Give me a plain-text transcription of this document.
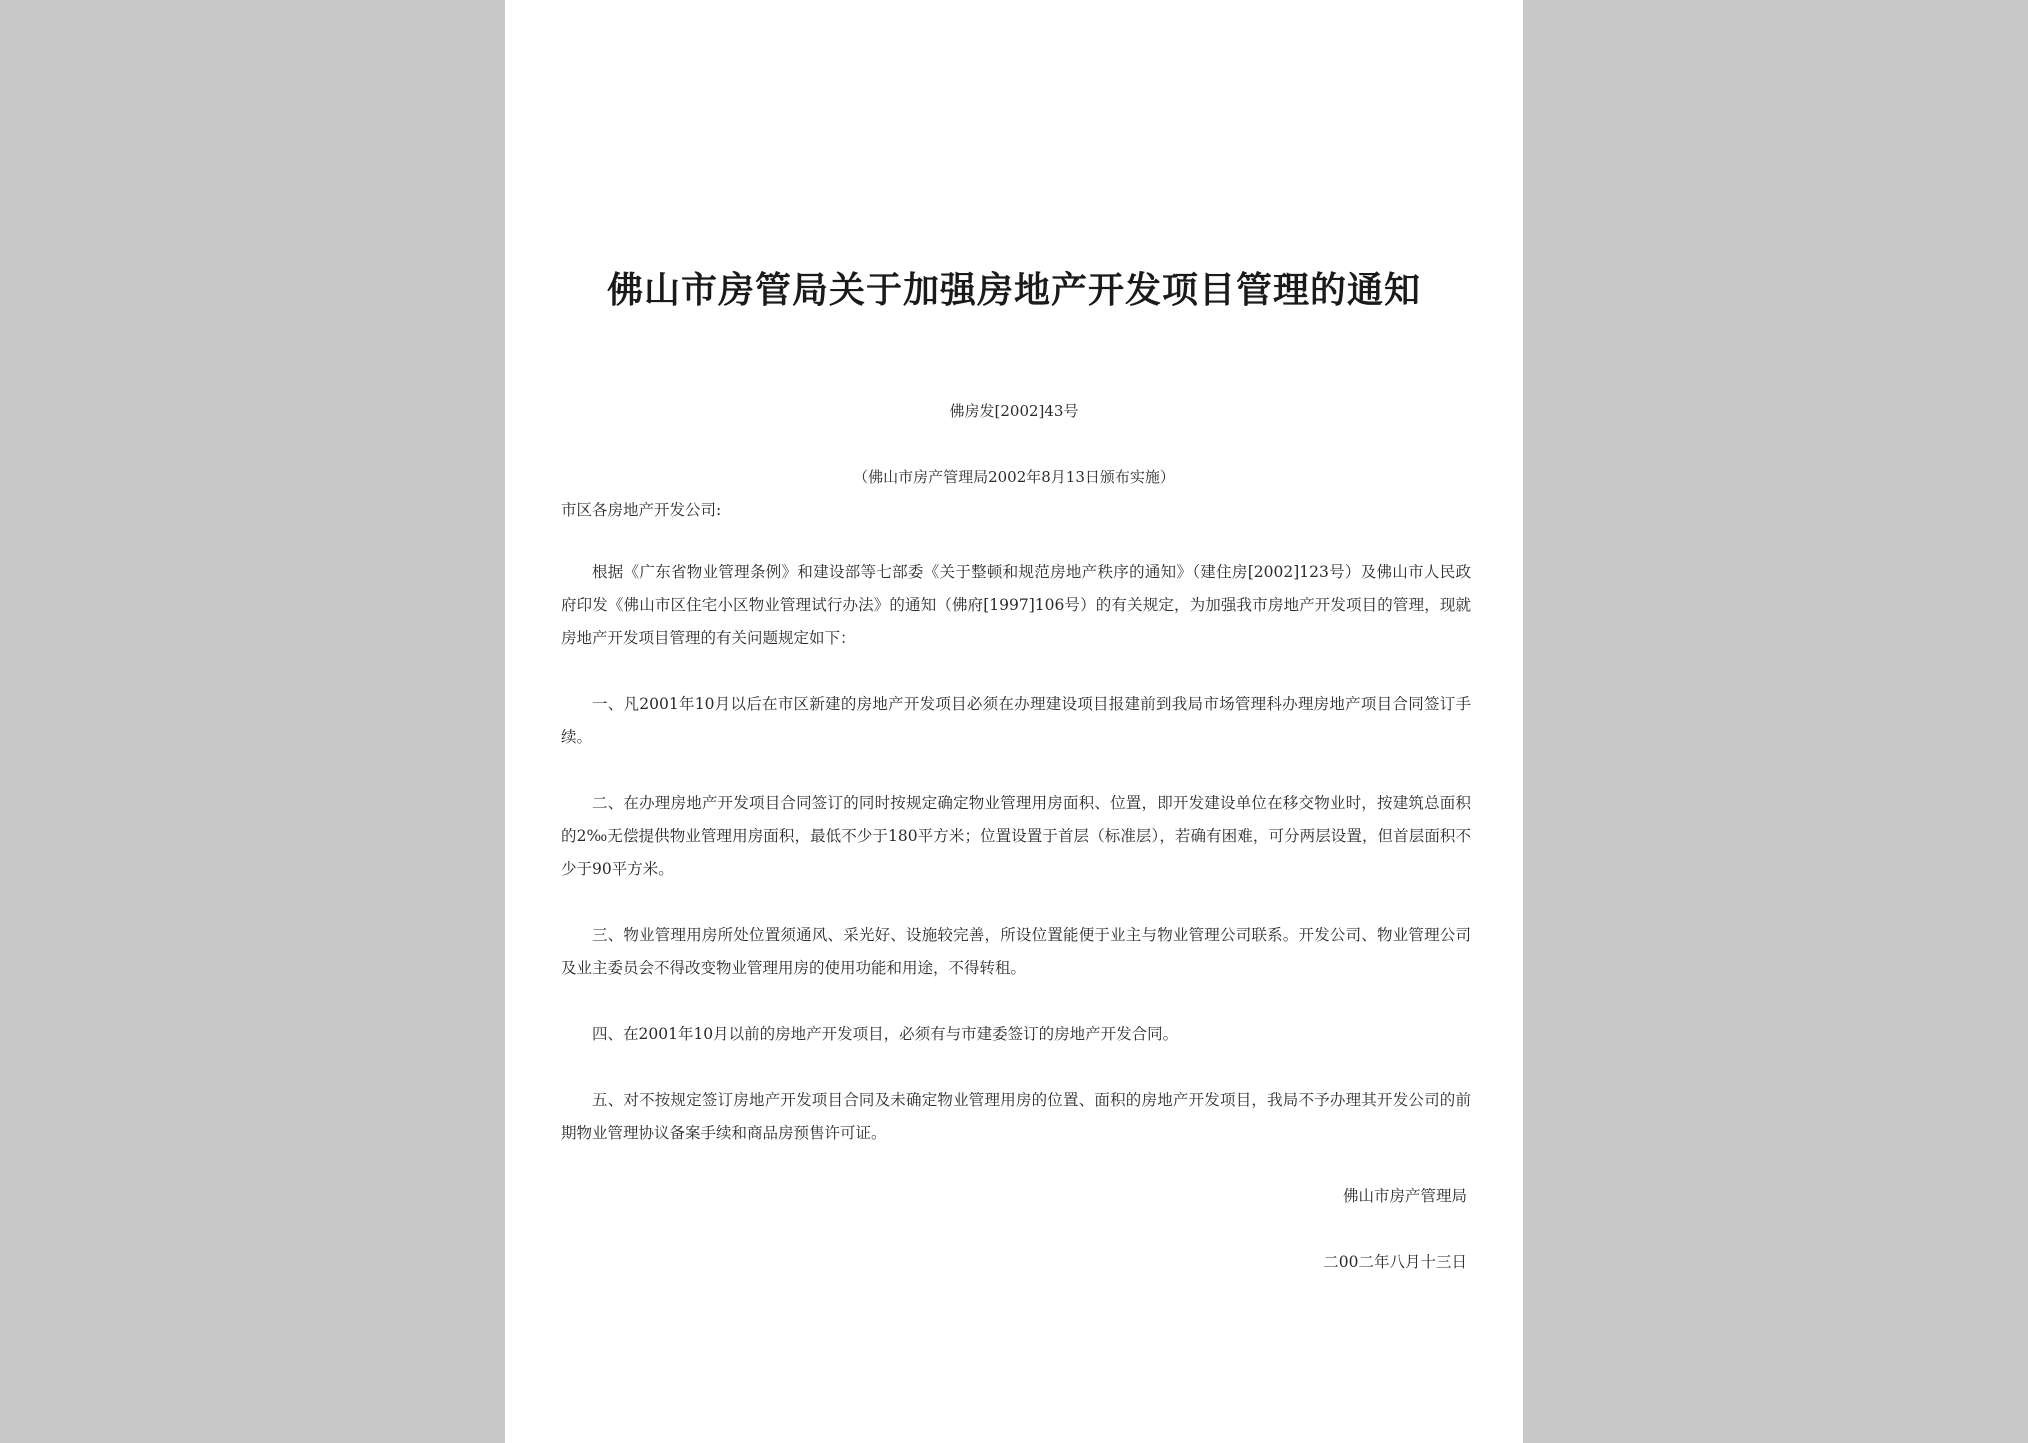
佛山市房管局关于加强房地产开发项目管理的通知
佛房发[2002]43号
（佛山市房产管理局2002年8月13日颁布实施）
市区各房地产开发公司:
根据《广东省物业管理条例》和建设部等七部委《关于整顿和规范房地产秩序的通知》（建住房[2002]123号）及佛山市人民政府印发《佛山市区住宅小区物业管理试行办法》的通知（佛府[1997]106号）的有关规定，为加强我市房地产开发项目的管理，现就房地产开发项目管理的有关问题规定如下：
一、凡2001年10月以后在市区新建的房地产开发项目必须在办理建设项目报建前到我局市场管理科办理房地产项目合同签订手续。
二、在办理房地产开发项目合同签订的同时按规定确定物业管理用房面积、位置，即开发建设单位在移交物业时，按建筑总面积的2‰无偿提供物业管理用房面积，最低不少于180平方米；位置设置于首层（标准层），若确有困难，可分两层设置，但首层面积不少于90平方米。
三、物业管理用房所处位置须通风、采光好、设施较完善，所设位置能便于业主与物业管理公司联系。开发公司、物业管理公司及业主委员会不得改变物业管理用房的使用功能和用途，不得转租。
四、在2001年10月以前的房地产开发项目，必须有与市建委签订的房地产开发合同。
五、对不按规定签订房地产开发项目合同及未确定物业管理用房的位置、面积的房地产开发项目，我局不予办理其开发公司的前期物业管理协议备案手续和商品房预售许可证。
佛山市房产管理局
二00二年八月十三日
